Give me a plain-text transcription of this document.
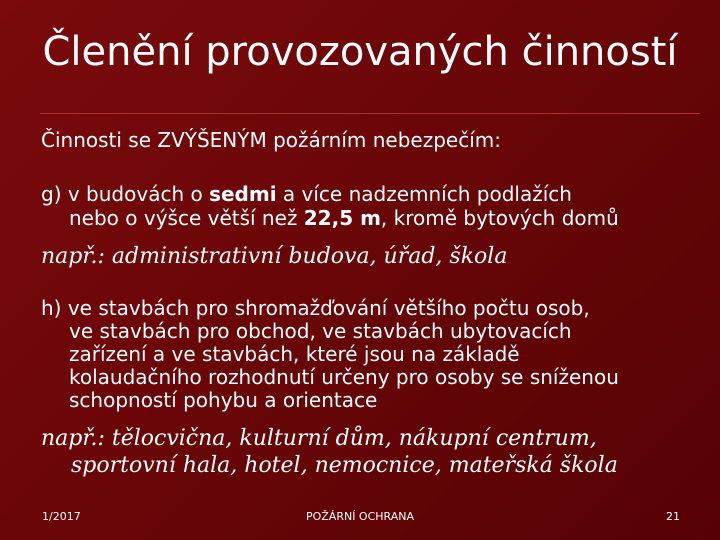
Členění provozovaných činností
Činnosti se ZVÝŠENÝM požárním nebezpečím:
g) v budovách o sedmi a více nadzemních podlažích
nebo o výšce větší než 22,5 m, kromě bytových domů
např.: administrativní budova, úřad, škola
h) ve stavbách pro shromažďování většího počtu osob,
ve stavbách pro obchod, ve stavbách ubytovacích
zařízení a ve stavbách, které jsou na základě
kolaudačního rozhodnutí určeny pro osoby se sníženou
schopností pohybu a orientace
např.: tělocvična, kulturní dům, nákupní centrum,
sportovní hala, hotel, nemocnice, mateřská škola
1/2017	POŽÁRNÍ OCHRANA	21
